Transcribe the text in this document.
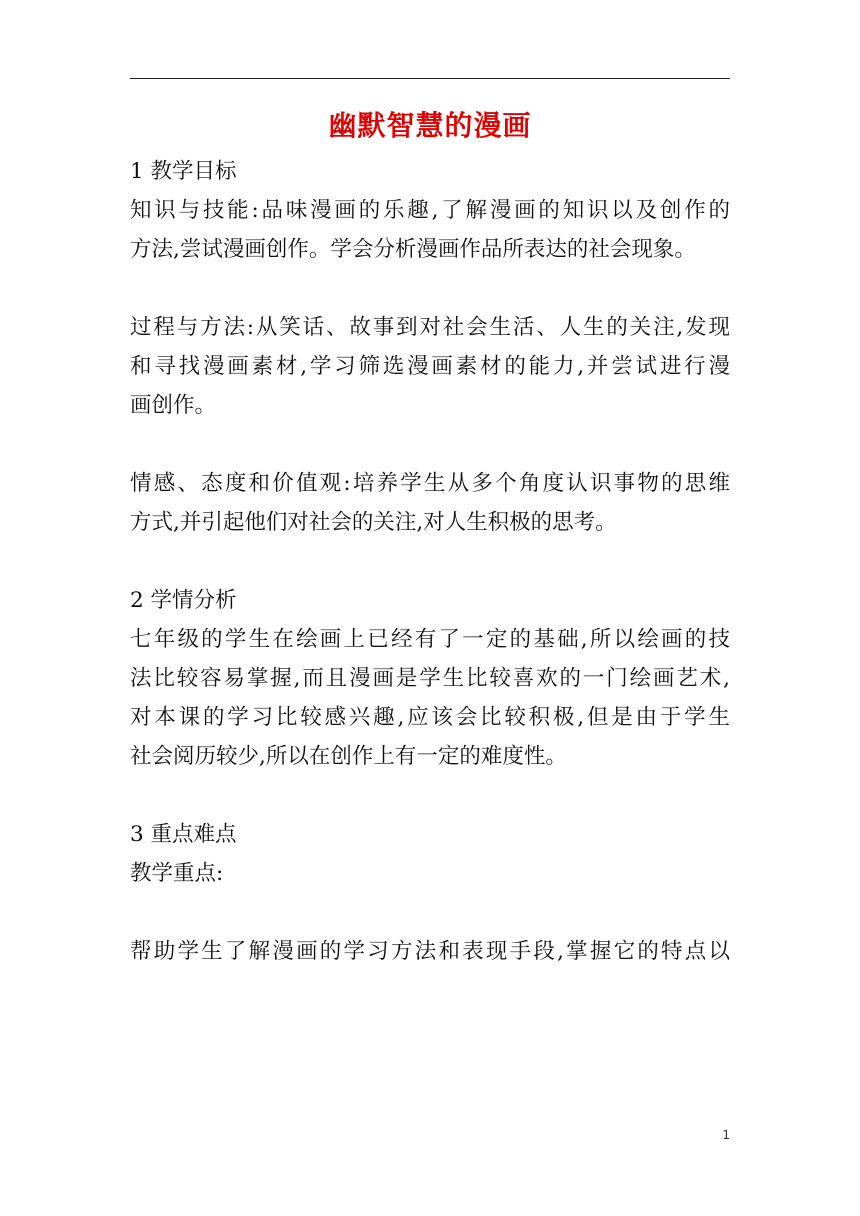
幽默智慧的漫画
1 教学目标
知识与技能:品味漫画的乐趣,了解漫画的知识以及创作的
方法,尝试漫画创作。学会分析漫画作品所表达的社会现象。
过程与方法:从笑话、故事到对社会生活、人生的关注,发现
和寻找漫画素材,学习筛选漫画素材的能力,并尝试进行漫
画创作。
情感、态度和价值观:培养学生从多个角度认识事物的思维
方式,并引起他们对社会的关注,对人生积极的思考。
2 学情分析
七年级的学生在绘画上已经有了一定的基础,所以绘画的技
法比较容易掌握,而且漫画是学生比较喜欢的一门绘画艺术,
对本课的学习比较感兴趣,应该会比较积极,但是由于学生
社会阅历较少,所以在创作上有一定的难度性。
3 重点难点
教学重点:
帮助学生了解漫画的学习方法和表现手段,掌握它的特点以
1
